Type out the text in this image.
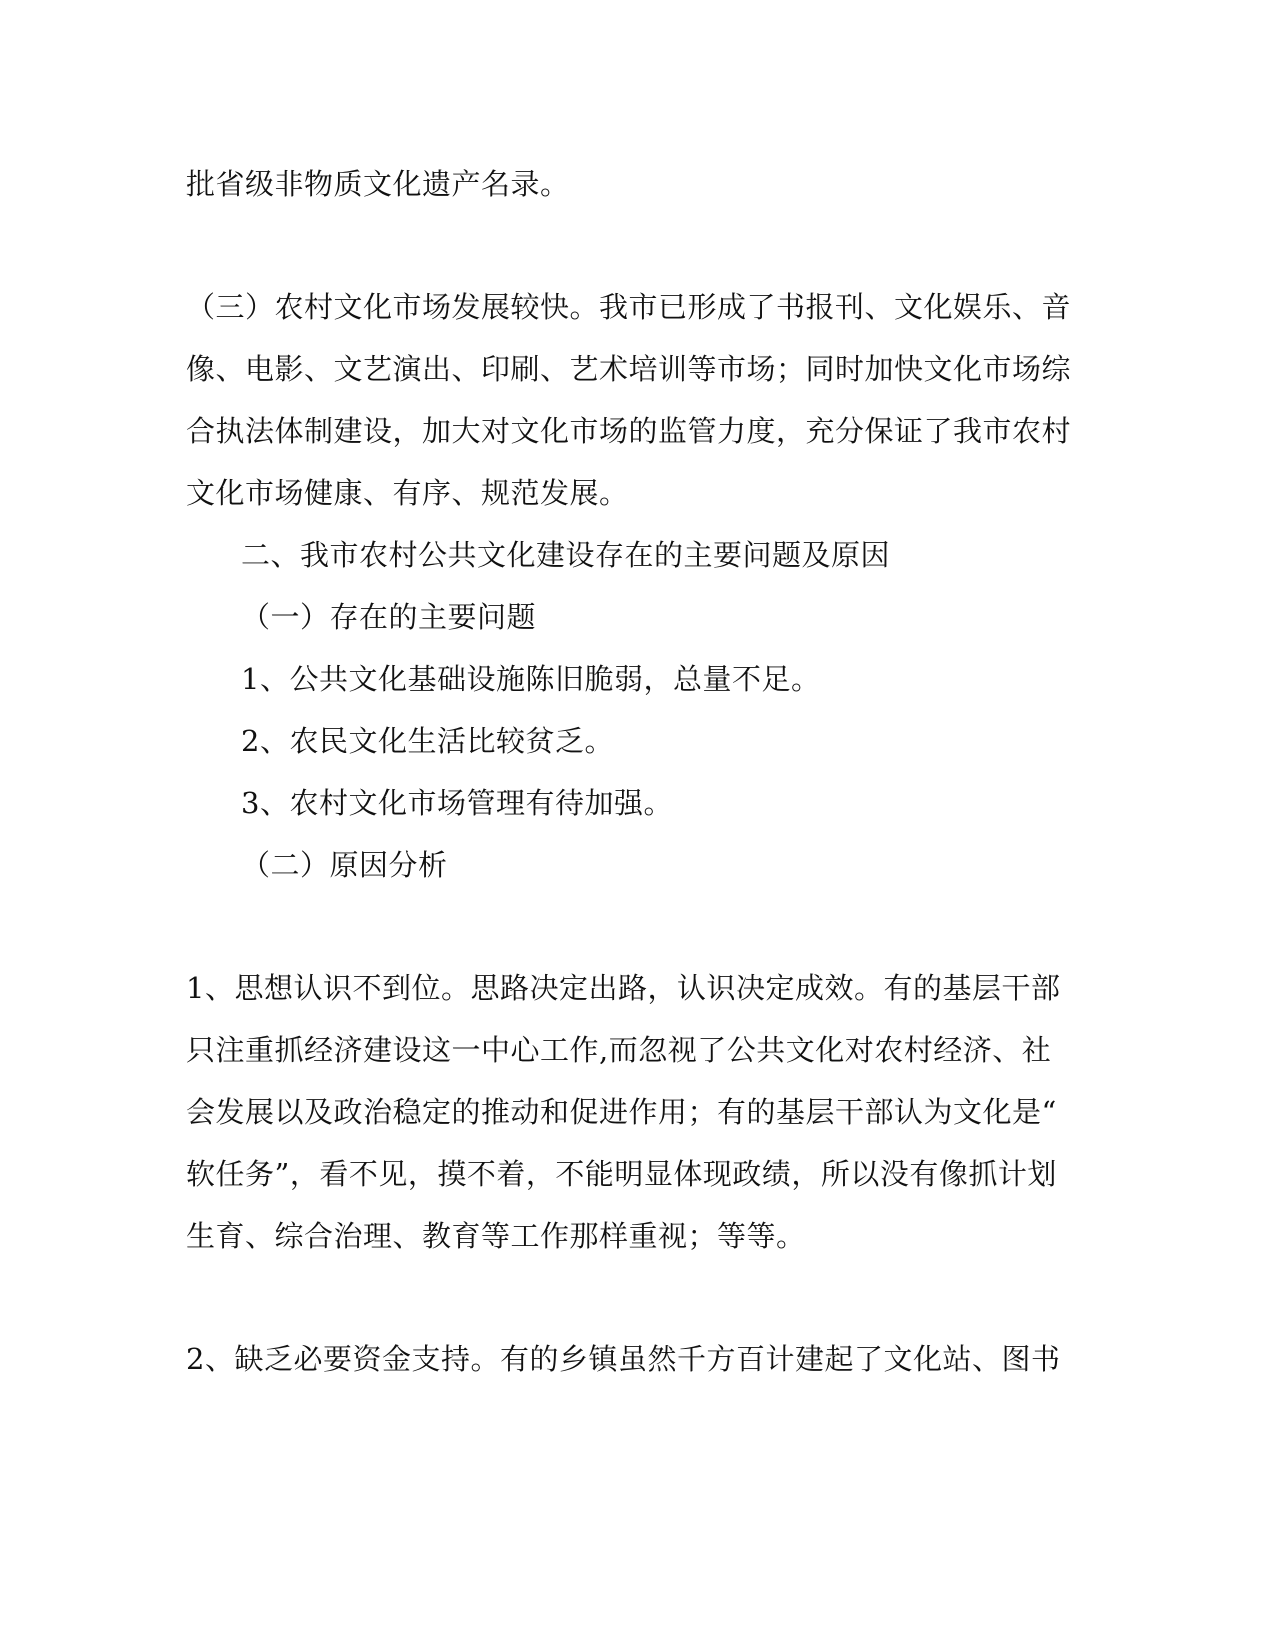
批省级非物质文化遗产名录。
（三）农村文化市场发展较快。我市已形成了书报刊、文化娱乐、音
像、电影、文艺演出、印刷、艺术培训等市场；同时加快文化市场综
合执法体制建设，加大对文化市场的监管力度，充分保证了我市农村
文化市场健康、有序、规范发展。
二、我市农村公共文化建设存在的主要问题及原因
（一）存在的主要问题
1、公共文化基础设施陈旧脆弱，总量不足。
2、农民文化生活比较贫乏。
3、农村文化市场管理有待加强。
（二）原因分析
1、思想认识不到位。思路决定出路，认识决定成效。有的基层干部
只注重抓经济建设这一中心工作,而忽视了公共文化对农村经济、社
会发展以及政治稳定的推动和促进作用；有的基层干部认为文化是“
软任务”，看不见，摸不着，不能明显体现政绩，所以没有像抓计划
生育、综合治理、教育等工作那样重视；等等。
2、缺乏必要资金支持。有的乡镇虽然千方百计建起了文化站、图书
